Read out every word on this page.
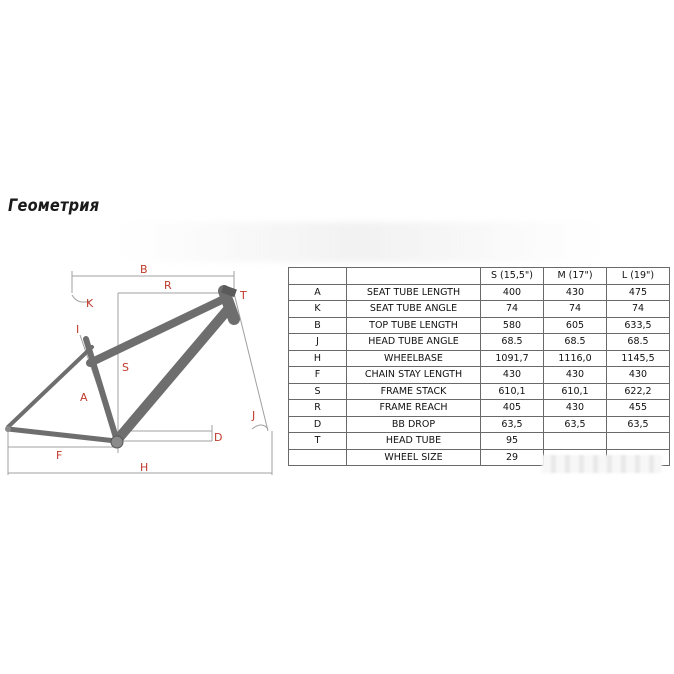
Геометрия
B
R
K
I
S
T
A
J
D
F
H
		S (15,5")	M (17")	L (19")
A	SEAT TUBE LENGTH	400	430	475
K	SEAT TUBE ANGLE	74	74	74
B	TOP TUBE LENGTH	580	605	633,5
J	HEAD TUBE ANGLE	68.5	68.5	68.5
H	WHEELBASE	1091,7	1116,0	1145,5
F	CHAIN STAY LENGTH	430	430	430
S	FRAME STACK	610,1	610,1	622,2
R	FRAME REACH	405	430	455
D	BB DROP	63,5	63,5	63,5
T	HEAD TUBE	95		
	WHEEL SIZE	29		
